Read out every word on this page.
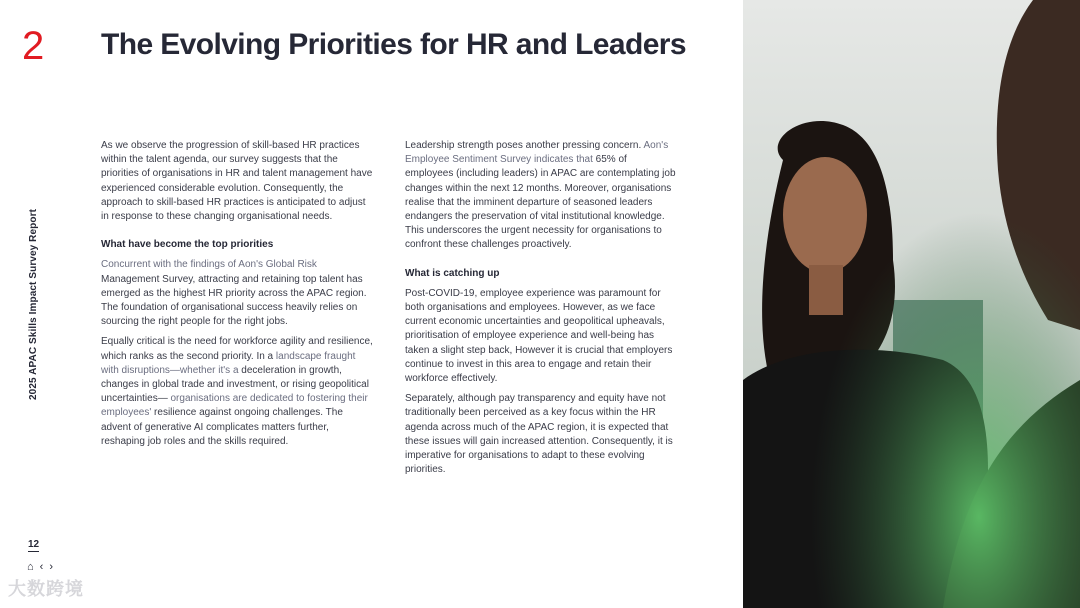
2 The Evolving Priorities for HR and Leaders
2025 APAC Skills Impact Survey Report

As we observe the progression of skill-based HR practices within the talent agenda, our survey suggests that the priorities of organisations in HR and talent management have experienced considerable evolution. Consequently, the approach to skill-based HR practices is anticipated to adjust in response to these changing organisational needs.

What have become the top priorities

Concurrent with the findings of Aon's Global Risk Management Survey, attracting and retaining top talent has emerged as the highest HR priority across the APAC region. The foundation of organisational success heavily relies on sourcing the right people for the right jobs.

Equally critical is the need for workforce agility and resilience, which ranks as the second priority. In a landscape fraught with disruptions—whether it's a deceleration in growth, changes in global trade and investment, or rising geopolitical uncertainties— organisations are dedicated to fostering their employees' resilience against ongoing challenges. The advent of generative AI complicates matters further, reshaping job roles and the skills required.

Leadership strength poses another pressing concern. Aon's Employee Sentiment Survey indicates that 65% of employees (including leaders) in APAC are contemplating job changes within the next 12 months. Moreover, organisations realise that the imminent departure of seasoned leaders endangers the preservation of vital institutional knowledge. This underscores the urgent necessity for organisations to confront these challenges proactively.

What is catching up

Post-COVID-19, employee experience was paramount for both organisations and employees. However, as we face current economic uncertainties and geopolitical upheavals, prioritisation of employee experience and well-being has taken a slight step back, However it is crucial that employers continue to invest in this area to engage and retain their workforce effectively.

Separately, although pay transparency and equity have not traditionally been perceived as a key focus within the HR agenda across much of the APAC region, it is expected that these issues will gain increased attention. Consequently, it is imperative for organisations to adapt to these evolving priorities.

12
⌂ ‹ ›
大数跨境
